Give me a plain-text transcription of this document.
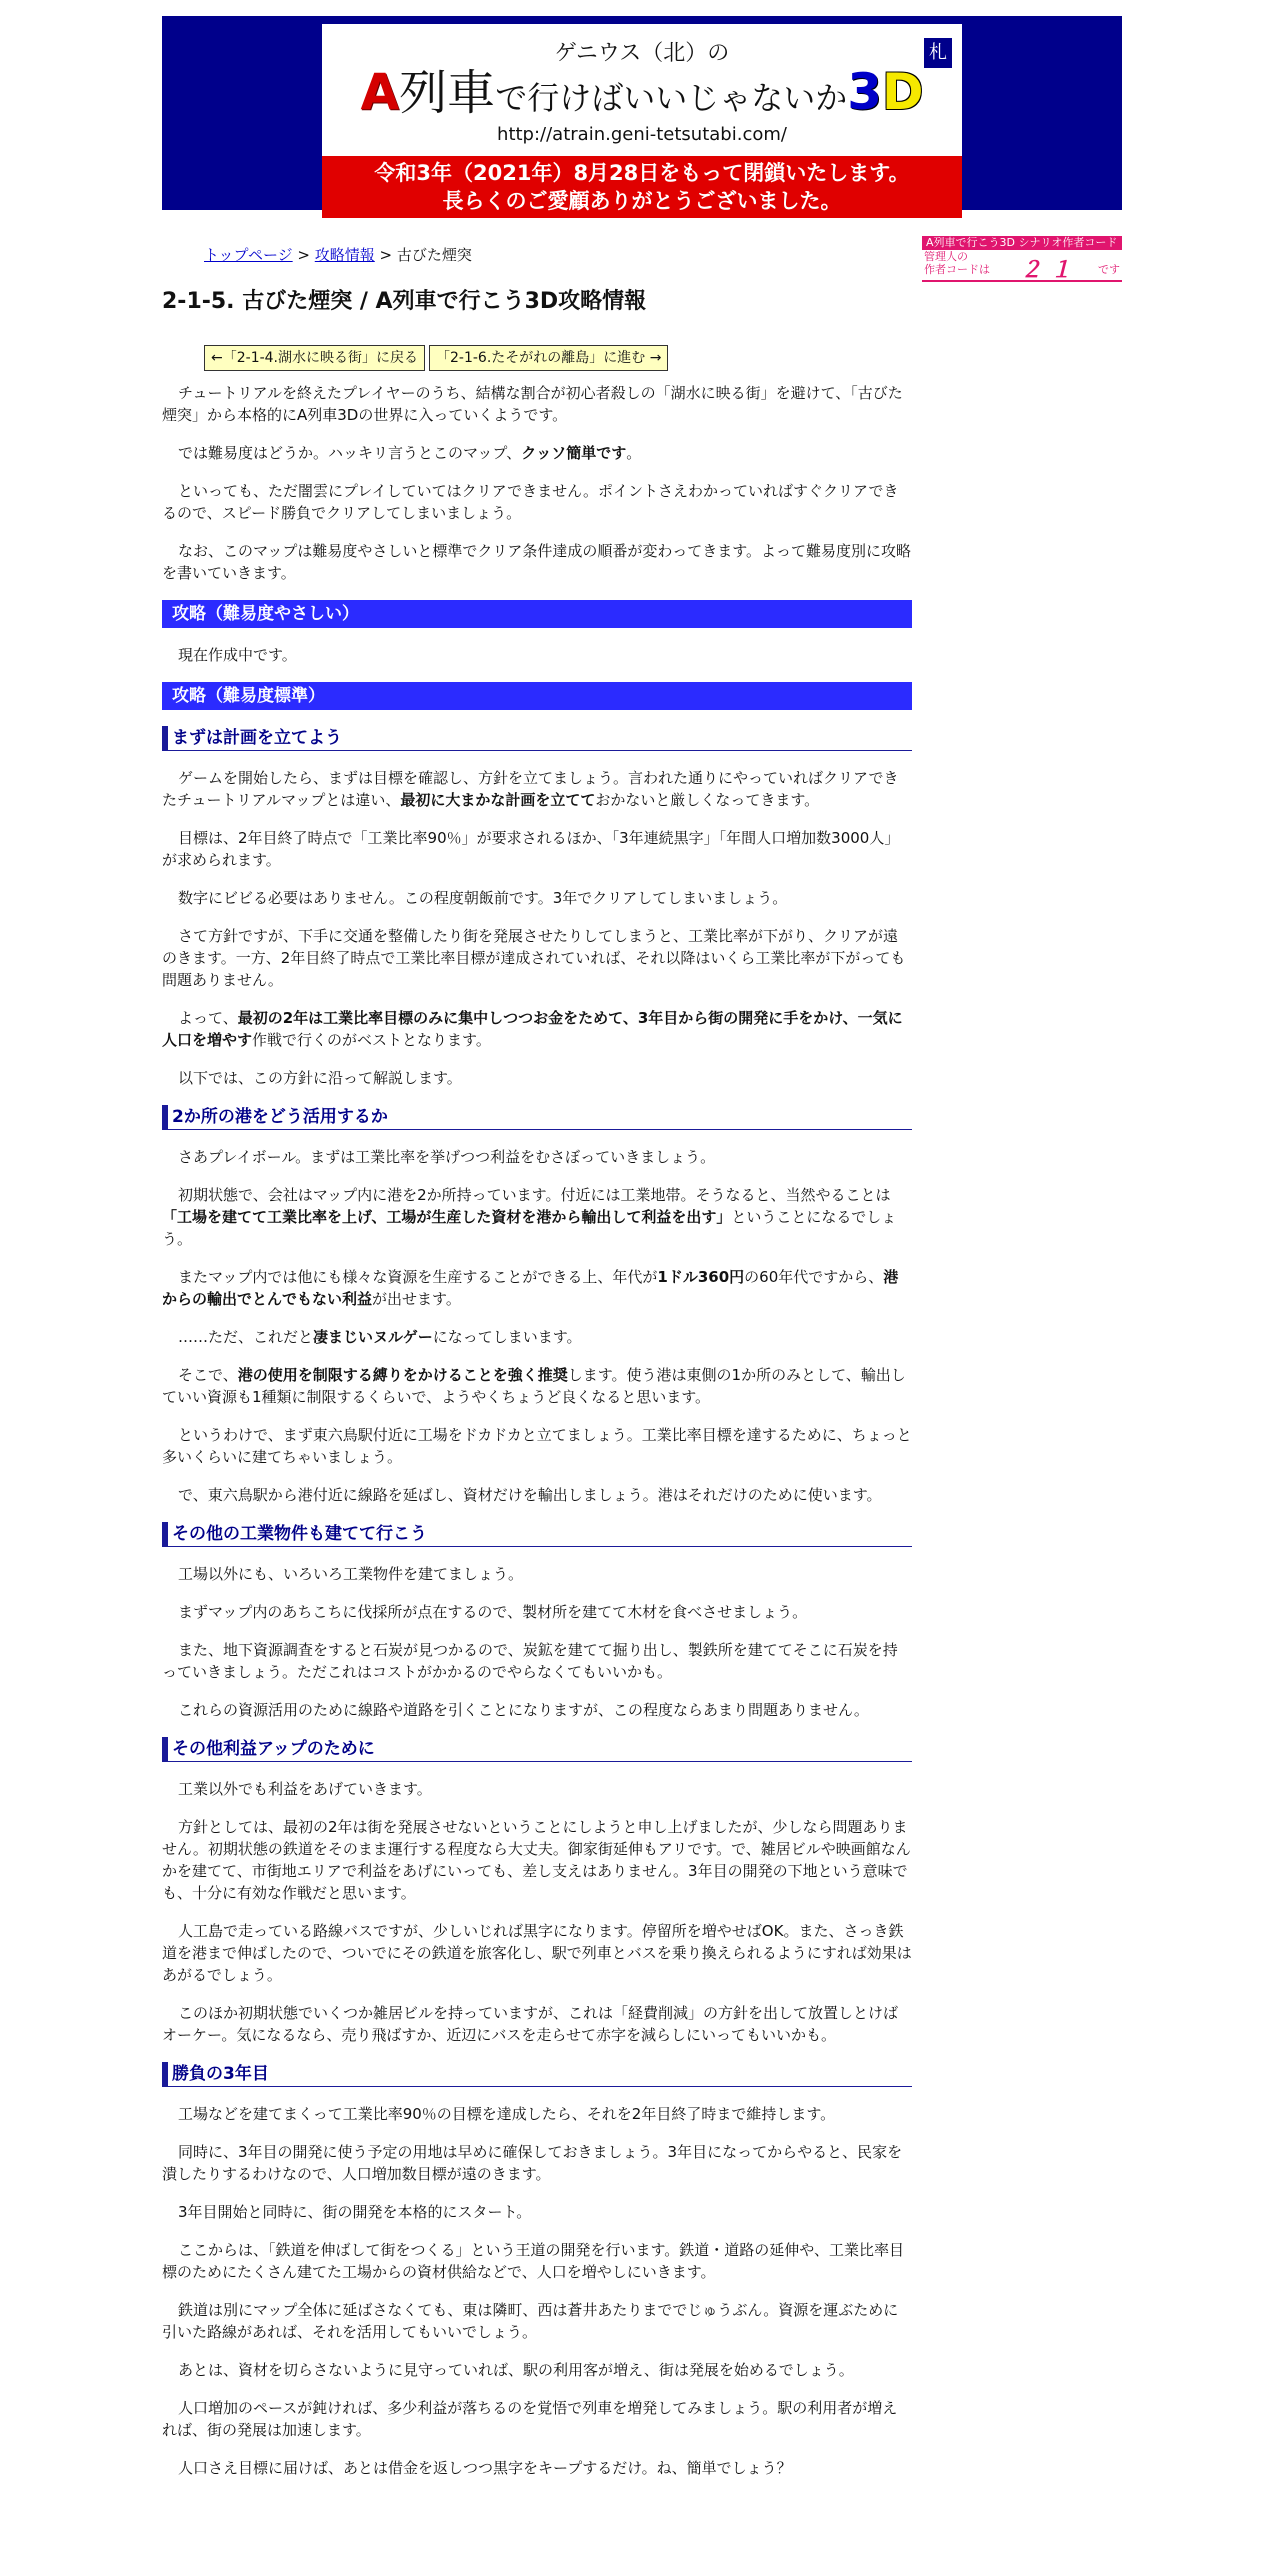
ゲニウス（北）の
A列車で行けばいいじゃないか3D
札
http://atrain.geni-tetsutabi.com/
令和3年（2021年）8月28日をもって閉鎖いたします。
長らくのご愛顧ありがとうございました。
A列車で行こう3D シナリオ作者コード
管理人の
作者コードは ２１ です
トップページ > 攻略情報 > 古びた煙突
2-1-5. 古びた煙突 / A列車で行こう3D攻略情報
←「2-1-4.湖水に映る街」に戻る	「2-1-6.たそがれの離島」に進む →

チュートリアルを終えたプレイヤーのうち、結構な割合が初心者殺しの「湖水に映る街」を避けて、「古びた煙突」から本格的にA列車3Dの世界に入っていくようです。

では難易度はどうか。ハッキリ言うとこのマップ、クッソ簡単です。

といっても、ただ闇雲にプレイしていてはクリアできません。ポイントさえわかっていればすぐクリアできるので、スピード勝負でクリアしてしまいましょう。

なお、このマップは難易度やさしいと標準でクリア条件達成の順番が変わってきます。よって難易度別に攻略を書いていきます。

攻略（難易度やさしい）

現在作成中です。

攻略（難易度標準）
まずは計画を立てよう

ゲームを開始したら、まずは目標を確認し、方針を立てましょう。言われた通りにやっていればクリアできたチュートリアルマップとは違い、最初に大まかな計画を立てておかないと厳しくなってきます。

目標は、2年目終了時点で「工業比率90％」が要求されるほか、「3年連続黒字」「年間人口増加数3000人」が求められます。

数字にビビる必要はありません。この程度朝飯前です。3年でクリアしてしまいましょう。

さて方針ですが、下手に交通を整備したり街を発展させたりしてしまうと、工業比率が下がり、クリアが遠のきます。一方、2年目終了時点で工業比率目標が達成されていれば、それ以降はいくら工業比率が下がっても問題ありません。

よって、最初の2年は工業比率目標のみに集中しつつお金をためて、3年目から街の開発に手をかけ、一気に人口を増やす作戦で行くのがベストとなります。

以下では、この方針に沿って解説します。

2か所の港をどう活用するか

さあプレイボール。まずは工業比率を挙げつつ利益をむさぼっていきましょう。

初期状態で、会社はマップ内に港を2か所持っています。付近には工業地帯。そうなると、当然やることは「工場を建てて工業比率を上げ、工場が生産した資材を港から輸出して利益を出す」ということになるでしょう。

またマップ内では他にも様々な資源を生産することができる上、年代が1ドル360円の60年代ですから、港からの輸出でとんでもない利益が出せます。

……ただ、これだと凄まじいヌルゲーになってしまいます。

そこで、港の使用を制限する縛りをかけることを強く推奨します。使う港は東側の1か所のみとして、輸出していい資源も1種類に制限するくらいで、ようやくちょうど良くなると思います。

というわけで、まず東六鳥駅付近に工場をドカドカと立てましょう。工業比率目標を達するために、ちょっと多いくらいに建てちゃいましょう。

で、東六鳥駅から港付近に線路を延ばし、資材だけを輸出しましょう。港はそれだけのために使います。

その他の工業物件も建てて行こう

工場以外にも、いろいろ工業物件を建てましょう。

まずマップ内のあちこちに伐採所が点在するので、製材所を建てて木材を食べさせましょう。

また、地下資源調査をすると石炭が見つかるので、炭鉱を建てて掘り出し、製鉄所を建ててそこに石炭を持っていきましょう。ただこれはコストがかかるのでやらなくてもいいかも。

これらの資源活用のために線路や道路を引くことになりますが、この程度ならあまり問題ありません。

その他利益アップのために

工業以外でも利益をあげていきます。

方針としては、最初の2年は街を発展させないということにしようと申し上げましたが、少しなら問題ありません。初期状態の鉄道をそのまま運行する程度なら大丈夫。御家街延伸もアリです。で、雑居ビルや映画館なんかを建てて、市街地エリアで利益をあげにいっても、差し支えはありません。3年目の開発の下地という意味でも、十分に有効な作戦だと思います。

人工島で走っている路線バスですが、少しいじれば黒字になります。停留所を増やせばOK。また、さっき鉄道を港まで伸ばしたので、ついでにその鉄道を旅客化し、駅で列車とバスを乗り換えられるようにすれば効果はあがるでしょう。

このほか初期状態でいくつか雑居ビルを持っていますが、これは「経費削減」の方針を出して放置しとけばオーケー。気になるなら、売り飛ばすか、近辺にバスを走らせて赤字を減らしにいってもいいかも。

勝負の3年目

工場などを建てまくって工業比率90％の目標を達成したら、それを2年目終了時まで維持します。

同時に、3年目の開発に使う予定の用地は早めに確保しておきましょう。3年目になってからやると、民家を潰したりするわけなので、人口増加数目標が遠のきます。

3年目開始と同時に、街の開発を本格的にスタート。

ここからは、「鉄道を伸ばして街をつくる」という王道の開発を行います。鉄道・道路の延伸や、工業比率目標のためにたくさん建てた工場からの資材供給などで、人口を増やしにいきます。

鉄道は別にマップ全体に延ばさなくても、東は隣町、西は蒼井あたりまででじゅうぶん。資源を運ぶために引いた路線があれば、それを活用してもいいでしょう。

あとは、資材を切らさないように見守っていれば、駅の利用客が増え、街は発展を始めるでしょう。

人口増加のペースが鈍ければ、多少利益が落ちるのを覚悟で列車を増発してみましょう。駅の利用者が増えれば、街の発展は加速します。

人口さえ目標に届けば、あとは借金を返しつつ黒字をキープするだけ。ね、簡単でしょう？
